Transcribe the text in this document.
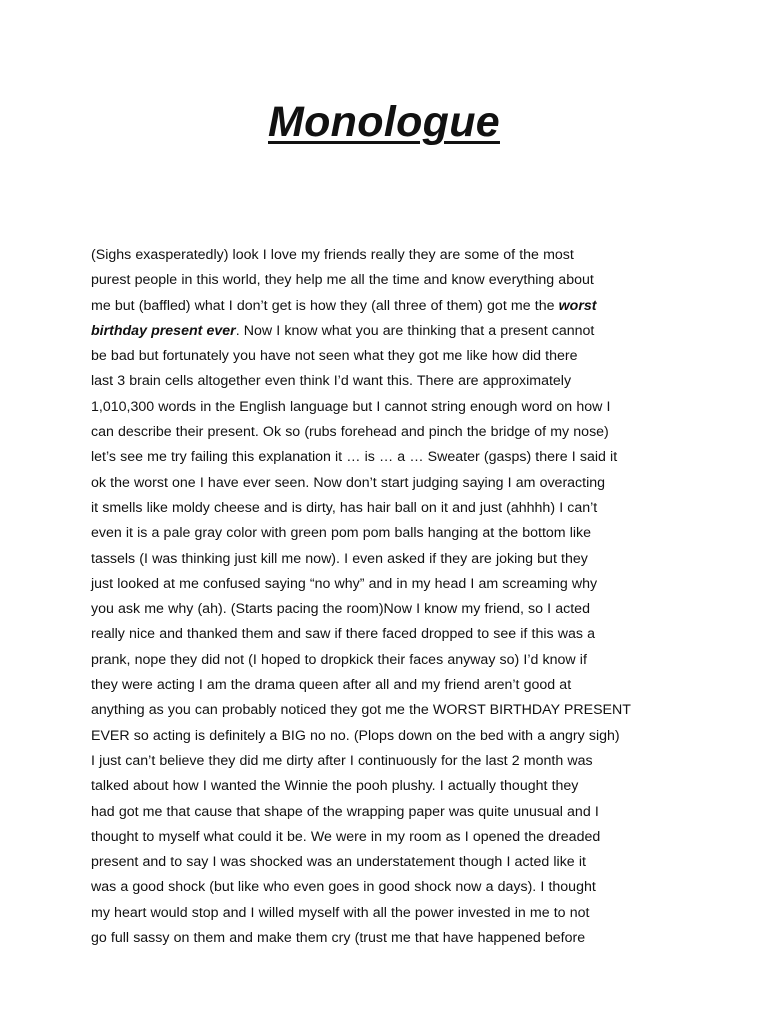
Monologue
(Sighs exasperatedly) look I love my friends really they are some of the most
purest people in this world, they help me all the time and know everything about
me but (baffled) what I don’t get is how they (all three of them) got me the worst
birthday present ever. Now I know what you are thinking that a present cannot
be bad but fortunately you have not seen what they got me like how did there
last 3 brain cells altogether even think I’d want this. There are approximately
1,010,300 words in the English language but I cannot string enough word on how I
can describe their present. Ok so (rubs forehead and pinch the bridge of my nose)
let’s see me try failing this explanation it … is … a … Sweater (gasps) there I said it
ok the worst one I have ever seen. Now don’t start judging saying I am overacting
it smells like moldy cheese and is dirty, has hair ball on it and just (ahhhh) I can’t
even it is a pale gray color with green pom pom balls hanging at the bottom like
tassels (I was thinking just kill me now). I even asked if they are joking but they
just looked at me confused saying “no why” and in my head I am screaming why
you ask me why (ah). (Starts pacing the room)Now I know my friend, so I acted
really nice and thanked them and saw if there faced dropped to see if this was a
prank, nope they did not (I hoped to dropkick their faces anyway so) I’d know if
they were acting I am the drama queen after all and my friend aren’t good at
anything as you can probably noticed they got me the WORST BIRTHDAY PRESENT
EVER so acting is definitely a BIG no no. (Plops down on the bed with a angry sigh)
I just can’t believe they did me dirty after I continuously for the last 2 month was
talked about how I wanted the Winnie the pooh plushy. I actually thought they
had got me that cause that shape of the wrapping paper was quite unusual and I
thought to myself what could it be. We were in my room as I opened the dreaded
present and to say I was shocked was an understatement though I acted like it
was a good shock (but like who even goes in good shock now a days). I thought
my heart would stop and I willed myself with all the power invested in me to not
go full sassy on them and make them cry (trust me that have happened before
